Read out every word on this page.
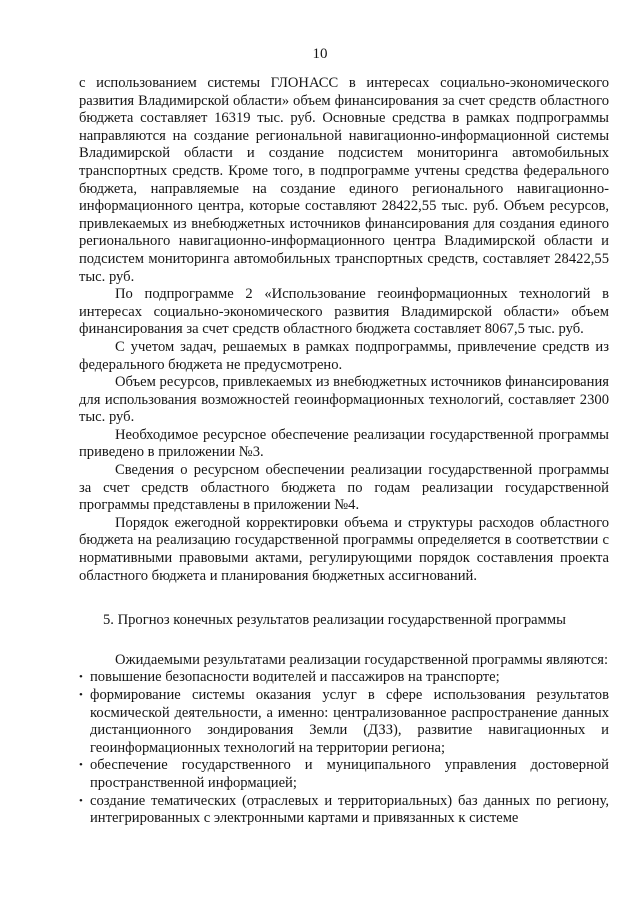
10

с использованием системы ГЛОНАСС в интересах социально-экономического развития Владимирской области» объем финансирования за счет средств областного бюджета составляет 16319 тыс. руб. Основные средства в рамках подпрограммы направляются на создание региональной навигационно-информационной системы Владимирской области и создание подсистем мониторинга автомобильных транспортных средств. Кроме того, в подпрограмме учтены средства федерального бюджета, направляемые на создание единого регионального навигационно-информационного центра, которые составляют 28422,55 тыс. руб. Объем ресурсов, привлекаемых из внебюджетных источников финансирования для создания единого регионального навигационно-информационного центра Владимирской области и подсистем мониторинга автомобильных транспортных средств, составляет 28422,55 тыс. руб.

По подпрограмме 2 «Использование геоинформационных технологий в интересах социально-экономического развития Владимирской области» объем финансирования за счет средств областного бюджета составляет 8067,5 тыс. руб.

С учетом задач, решаемых в рамках подпрограммы, привлечение средств из федерального бюджета не предусмотрено.

Объем ресурсов, привлекаемых из внебюджетных источников финансирования для использования возможностей геоинформационных технологий, составляет 2300 тыс. руб.

Необходимое ресурсное обеспечение реализации государственной программы приведено в приложении №3.

Сведения о ресурсном обеспечении реализации государственной программы за счет средств областного бюджета по годам реализации государственной программы представлены в приложении №4.

Порядок ежегодной корректировки объема и структуры расходов областного бюджета на реализацию государственной программы определяется в соответствии с нормативными правовыми актами, регулирующими порядок составления проекта областного бюджета и планирования бюджетных ассигнований.

5. Прогноз конечных результатов реализации государственной программы

Ожидаемыми результатами реализации государственной программы являются:

• повышение безопасности водителей и пассажиров на транспорте;
• формирование системы оказания услуг в сфере использования результатов космической деятельности, а именно: централизованное распространение данных дистанционного зондирования Земли (ДЗЗ), развитие навигационных и геоинформационных технологий на территории региона;
• обеспечение государственного и муниципального управления достоверной пространственной информацией;
• создание тематических (отраслевых и территориальных) баз данных по региону, интегрированных с электронными картами и привязанных к системе
